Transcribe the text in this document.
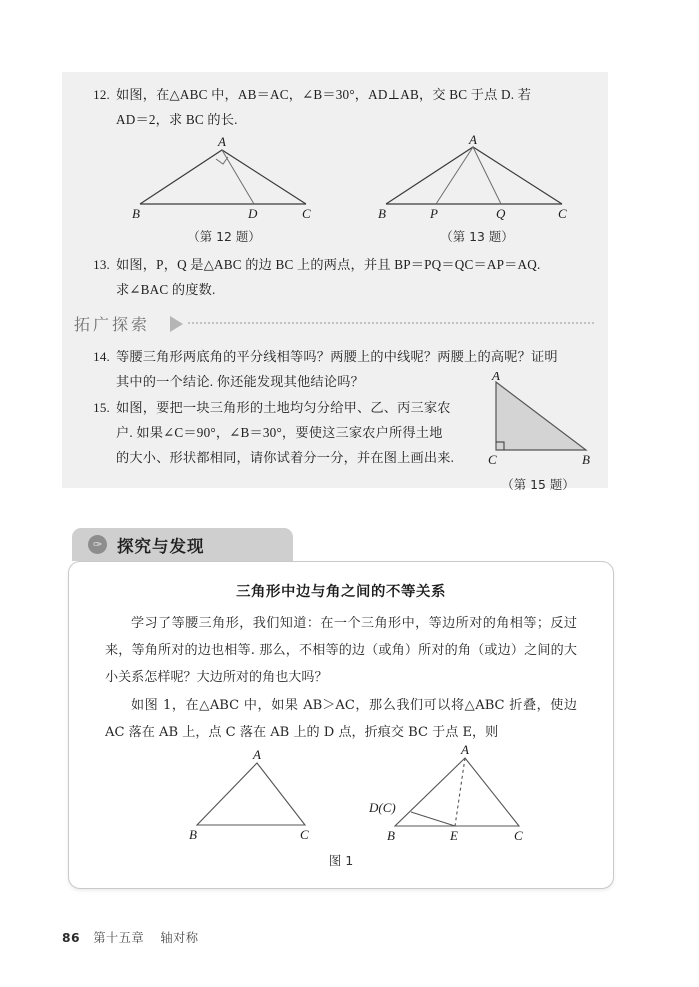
12. 如图，在△ABC 中，AB＝AC，∠B＝30°，AD⊥AB，交 BC 于点 D. 若
AD＝2，求 BC 的长.
A
B	D	C
（第 12 题）
A
B	P	Q	C
（第 13 题）
13. 如图，P，Q 是△ABC 的边 BC 上的两点，并且 BP＝PQ＝QC＝AP＝AQ.
求∠BAC 的度数.
拓广探索
14. 等腰三角形两底角的平分线相等吗？两腰上的中线呢？两腰上的高呢？证明
其中的一个结论. 你还能发现其他结论吗？
15. 如图，要把一块三角形的土地均匀分给甲、乙、丙三家农
户. 如果∠C＝90°，∠B＝30°，要使这三家农户所得土地
的大小、形状都相同，请你试着分一分，并在图上画出来.
A
C	B
（第 15 题）
✑ 探究与发现
三角形中边与角之间的不等关系
学习了等腰三角形，我们知道：在一个三角形中，等边所对的角相等；反过来，等角所对的边也相等. 那么，不相等的边（或角）所对的角（或边）之间的大小关系怎样呢？大边所对的角也大吗？
如图 1，在△ABC 中，如果 AB＞AC，那么我们可以将△ABC 折叠，使边 AC 落在 AB 上，点 C 落在 AB 上的 D 点，折痕交 BC 于点 E，则
A
B	C
A
B	E	C
D(C)
图 1
86 第十五章 轴对称
